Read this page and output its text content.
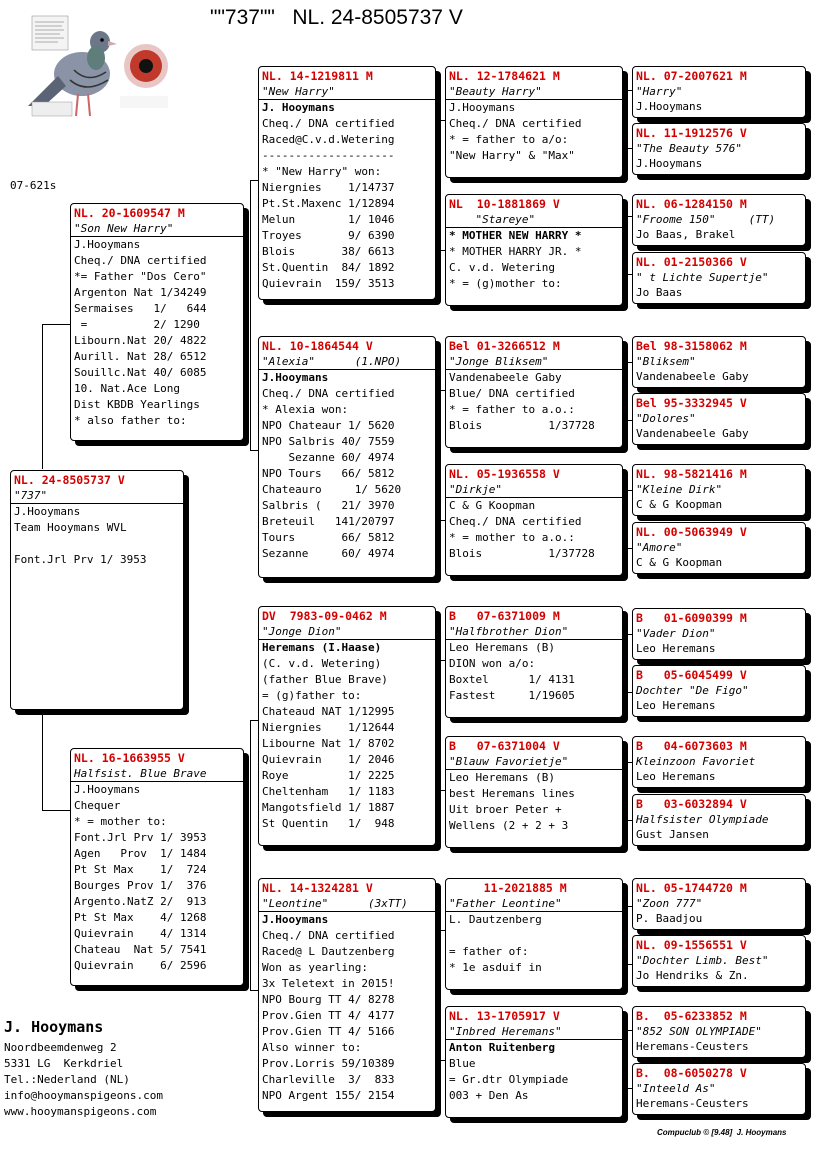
""737""   NL. 24-8505737 V
07-621s
NL. 24-8505737 V
"737"
J.Hooymans
Team Hooymans WVL
Font.Jrl Prv 1/ 3953
NL. 20-1609547 M
"Son New Harry"
J.Hooymans
Cheq./ DNA certified
*= Father "Dos Cero"
Argenton Nat 1/34249
Sermaises   1/   644
=          2/ 1290
Libourn.Nat 20/ 4822
Aurill. Nat 28/ 6512
Souillc.Nat 40/ 6085
10. Nat.Ace Long
Dist KBDB Yearlings
* also father to:
NL. 16-1663955 V
Halfsist. Blue Brave
J.Hooymans
Chequer
* = mother to:
Font.Jrl Prv 1/ 3953
Agen   Prov  1/ 1484
Pt St Max    1/  724
Bourges Prov 1/  376
Argento.NatZ 2/  913
Pt St Max    4/ 1268
Quievrain    4/ 1314
Chateau  Nat 5/ 7541
Quievrain    6/ 2596
NL. 14-1219811 M
"New Harry"
J. Hooymans
Cheq./ DNA certified
Raced@C.v.d.Wetering
--------------------
* "New Harry" won:
Niergnies    1/14737
Pt.St.Maxenc 1/12894
Melun        1/ 1046
Troyes       9/ 6390
Blois       38/ 6613
St.Quentin  84/ 1892
Quievrain  159/ 3513
NL. 10-1864544 V
"Alexia"      (1.NPO)
J.Hooymans
Cheq./ DNA certified
* Alexia won:
NPO Chateaur 1/ 5620
NPO Salbris 40/ 7559
Sezanne 60/ 4974
NPO Tours   66/ 5812
Chateauro     1/ 5620
Salbris (   21/ 3970
Breteuil   141/20797
Tours       66/ 5812
Sezanne     60/ 4974
DV  7983-09-0462 M
"Jonge Dion"
Heremans (I.Haase)
(C. v.d. Wetering)
(father Blue Brave)
= (g)father to:
Chateaud NAT 1/12995
Niergnies    1/12644
Libourne Nat 1/ 8702
Quievrain    1/ 2046
Roye         1/ 2225
Cheltenham   1/ 1183
Mangotsfield 1/ 1887
St Quentin   1/  948
NL. 14-1324281 V
"Leontine"      (3xTT)
J.Hooymans
Cheq./ DNA certified
Raced@ L Dautzenberg
Won as yearling:
3x Teletext in 2015!
NPO Bourg TT 4/ 8278
Prov.Gien TT 4/ 4177
Prov.Gien TT 4/ 5166
Also winner to:
Prov.Lorris 59/10389
Charleville  3/  833
NPO Argent 155/ 2154
NL. 12-1784621 M
"Beauty Harry"
J.Hooymans
Cheq./ DNA certified
* = father to a/o:
"New Harry" & "Max"
NL  10-1881869 V
"Stareye"
* MOTHER NEW HARRY *
* MOTHER HARRY JR. *
C. v.d. Wetering
* = (g)mother to:
Bel 01-3266512 M
"Jonge Bliksem"
Vandenabeele Gaby
Blue/ DNA certified
* = father to a.o.:
Blois          1/37728
NL. 05-1936558 V
"Dirkje"
C & G Koopman
Cheq./ DNA certified
* = mother to a.o.:
Blois          1/37728
B   07-6371009 M
"Halfbrother Dion"
Leo Heremans (B)
DION won a/o:
Boxtel      1/ 4131
Fastest     1/19605
B   07-6371004 V
"Blauw Favorietje"
Leo Heremans (B)
best Heremans lines
Uit broer Peter +
Wellens (2 + 2 + 3
11-2021885 M
"Father Leontine"
L. Dautzenberg
= father of:
* 1e asduif in
NL. 13-1705917 V
"Inbred Heremans"
Anton Ruitenberg
Blue
= Gr.dtr Olympiade
003 + Den As
NL. 07-2007621 M
"Harry"
J.Hooymans
NL. 11-1912576 V
"The Beauty 576"
J.Hooymans
NL. 06-1284150 M
"Froome 150"     (TT)
Jo Baas, Brakel
NL. 01-2150366 V
" t Lichte Supertje"
Jo Baas
Bel 98-3158062 M
"Bliksem"
Vandenabeele Gaby
Bel 95-3332945 V
"Dolores"
Vandenabeele Gaby
NL. 98-5821416 M
"Kleine Dirk"
C & G Koopman
NL. 00-5063949 V
"Amore"
C & G Koopman
B   01-6090399 M
"Vader Dion"
Leo Heremans
B   05-6045499 V
Dochter "De Figo"
Leo Heremans
B   04-6073603 M
Kleinzoon Favoriet
Leo Heremans
B   03-6032894 V
Halfsister Olympiade
Gust Jansen
NL. 05-1744720 M
"Zoon 777"
P. Baadjou
NL. 09-1556551 V
"Dochter Limb. Best"
Jo Hendriks & Zn.
B.  05-6233852 M
"852 SON OLYMPIADE"
Heremans-Ceusters
B.  08-6050278 V
"Inteeld As"
Heremans-Ceusters
J. Hooymans
Noordbeemdenweg 2
5331 LG  Kerkdriel
Tel.:Nederland (NL)
info@hooymanspigeons.com
www.hooymanspigeons.com
Compuclub © [9.48]  J. Hooymans
